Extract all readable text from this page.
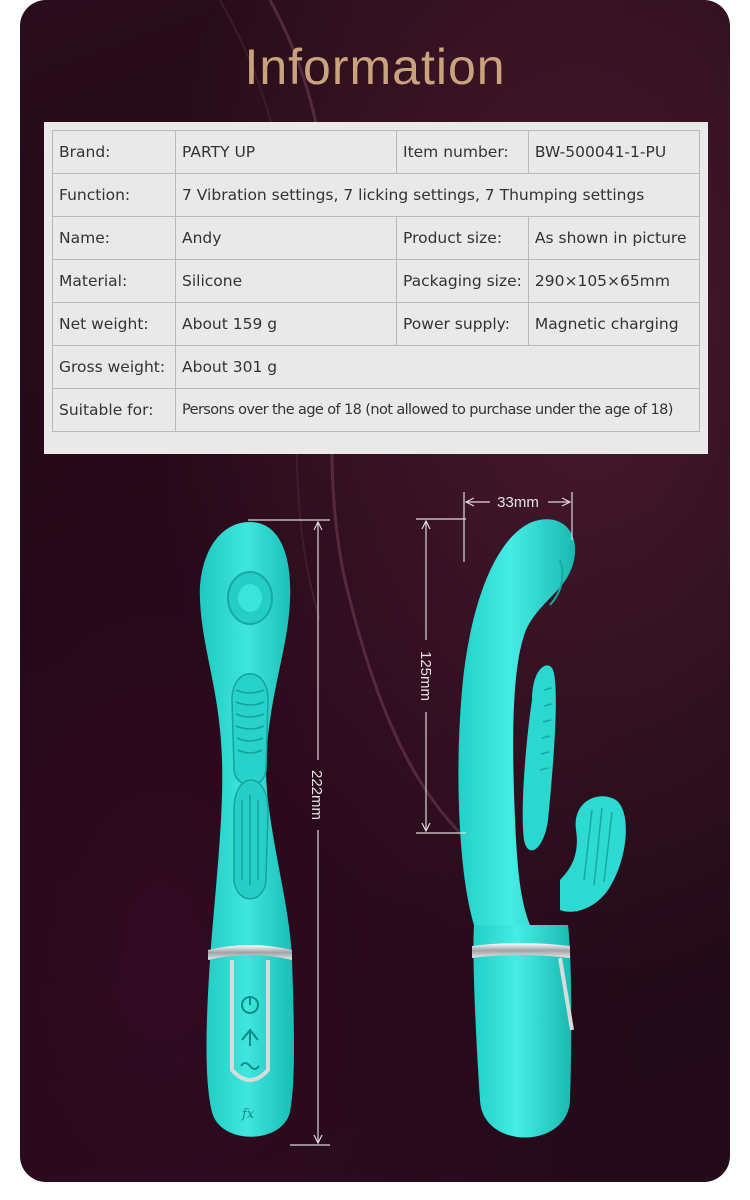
Information
Brand:	PARTY UP	Item number:	BW-500041-1-PU
Function:	7 Vibration settings, 7 licking settings, 7 Thumping settings		
Name:	Andy	Product size:	As shown in picture
Material:	Silicone	Packaging size:	290×105×65mm
Net weight:	About 159 g	Power supply:	Magnetic charging
Gross weight:	About 301 g		
Suitable for:	Persons over the age of 18 (not allowed to purchase under the age of 18)		
fx
222mm
33mm
125mm
